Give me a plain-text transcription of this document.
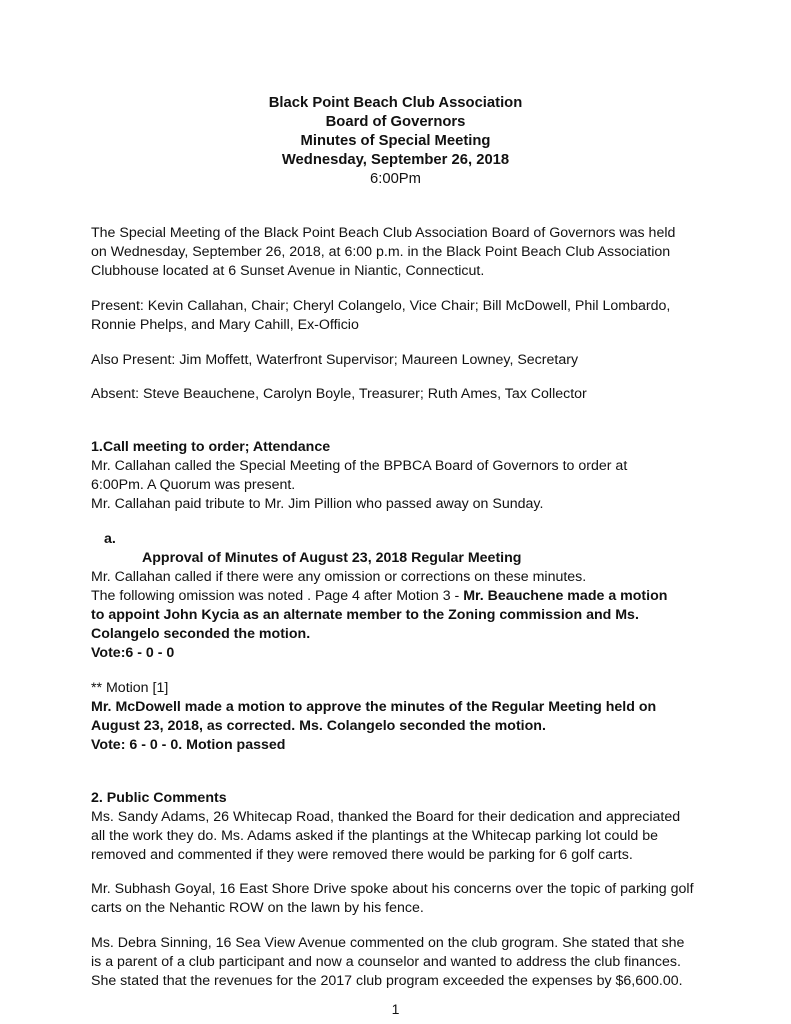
Black Point Beach Club Association
Board of Governors
Minutes of Special Meeting
Wednesday, September 26, 2018
6:00Pm
The Special Meeting of the Black Point Beach Club Association Board of Governors was held
on Wednesday, September 26, 2018, at 6:00 p.m. in the Black Point Beach Club Association
Clubhouse located at 6 Sunset Avenue in Niantic, Connecticut.
Present: Kevin Callahan, Chair; Cheryl Colangelo, Vice Chair; Bill McDowell, Phil Lombardo,
Ronnie Phelps, and Mary Cahill, Ex-Officio
Also Present: Jim Moffett, Waterfront Supervisor; Maureen Lowney, Secretary
Absent: Steve Beauchene, Carolyn Boyle, Treasurer; Ruth Ames, Tax Collector
1.Call meeting to order; Attendance
Mr. Callahan called the Special Meeting of the BPBCA Board of Governors to order at
6:00Pm. A Quorum was present.
Mr. Callahan paid tribute to Mr. Jim Pillion who passed away on Sunday.
a.
Approval of Minutes of August 23, 2018 Regular Meeting
Mr. Callahan called if there were any omission or corrections on these minutes.
The following omission was noted . Page 4 after Motion 3 - Mr. Beauchene made a motion
to appoint John Kycia as an alternate member to the Zoning commission and Ms.
Colangelo seconded the motion.
Vote:6 - 0 - 0
** Motion [1]
Mr. McDowell made a motion to approve the minutes of the Regular Meeting held on
August 23, 2018, as corrected. Ms. Colangelo seconded the motion.
Vote: 6 - 0 - 0. Motion passed
2. Public Comments
Ms. Sandy Adams, 26 Whitecap Road, thanked the Board for their dedication and appreciated
all the work they do. Ms. Adams asked if the plantings at the Whitecap parking lot could be
removed and commented if they were removed there would be parking for 6 golf carts.
Mr. Subhash Goyal, 16 East Shore Drive spoke about his concerns over the topic of parking golf
carts on the Nehantic ROW on the lawn by his fence.
Ms. Debra Sinning, 16 Sea View Avenue commented on the club grogram. She stated that she
is a parent of a club participant and now a counselor and wanted to address the club finances.
She stated that the revenues for the 2017 club program exceeded the expenses by $6,600.00.
1
